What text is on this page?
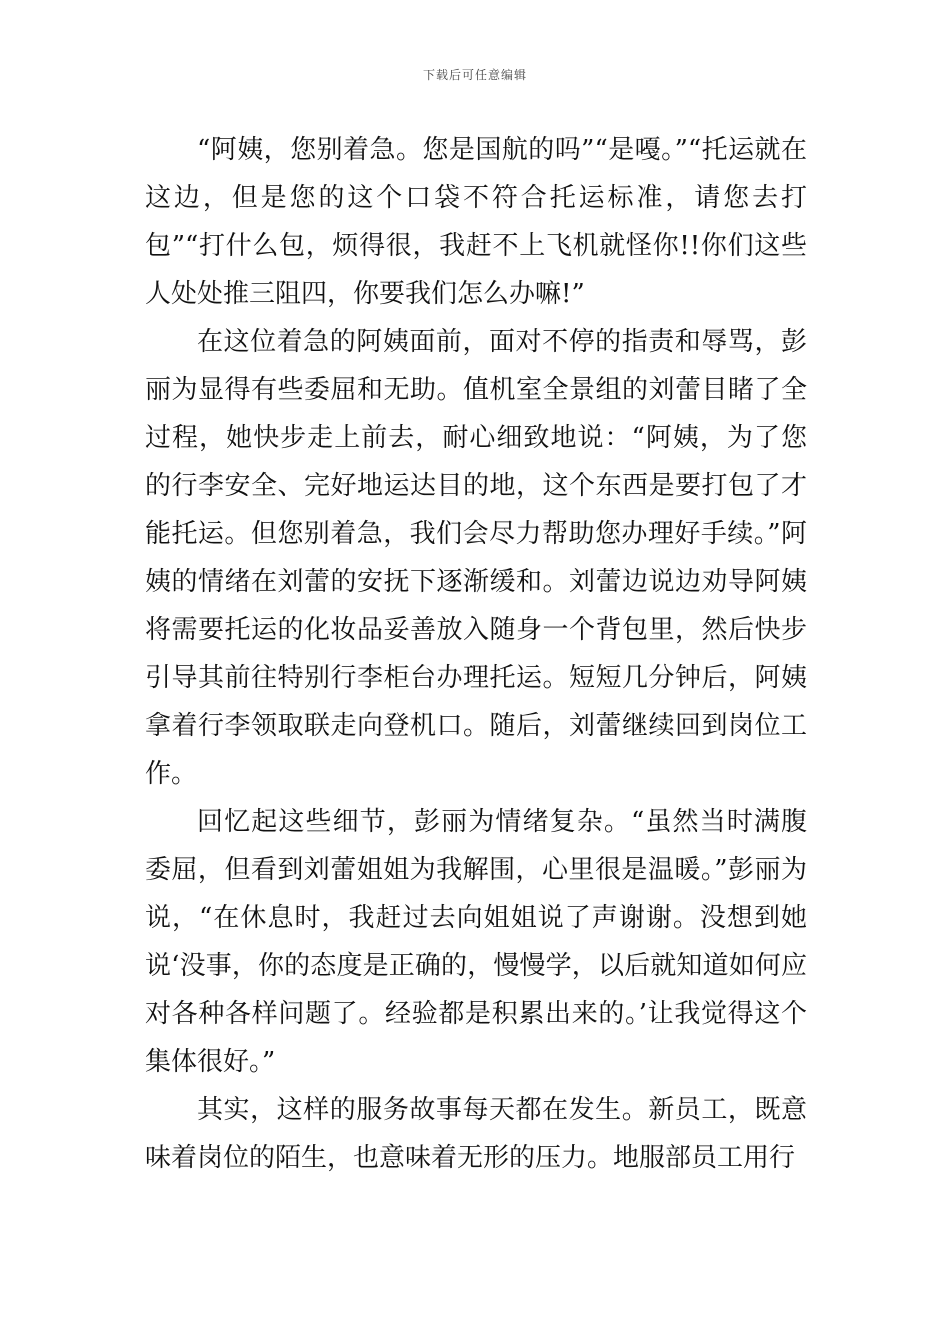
下载后可任意编辑

“阿姨，您别着急。您是国航的吗”“是嘠。”“托运就在这边，但是您的这个口袋不符合托运标准，请您去打包”“打什么包，烦得很，我赶不上飞机就怪你!!你们这些人处处推三阻四，你要我们怎么办嘛!”

在这位着急的阿姨面前，面对不停的指责和辱骂，彭丽为显得有些委屈和无助。值机室全景组的刘蕾目睹了全过程，她快步走上前去，耐心细致地说：“阿姨，为了您的行李安全、完好地运达目的地，这个东西是要打包了才能托运。但您别着急，我们会尽力帮助您办理好手续。”阿姨的情绪在刘蕾的安抚下逐渐缓和。刘蕾边说边劝导阿姨将需要托运的化妆品妥善放入随身一个背包里，然后快步引导其前往特别行李柜台办理托运。短短几分钟后，阿姨拿着行李领取联走向登机口。随后，刘蕾继续回到岗位工作。

回忆起这些细节，彭丽为情绪复杂。“虽然当时满腹委屈，但看到刘蕾姐姐为我解围，心里很是温暖。”彭丽为说，“在休息时，我赶过去向姐姐说了声谢谢。没想到她说‘没事，你的态度是正确的，慢慢学，以后就知道如何应对各种各样问题了。经验都是积累出来的。’让我觉得这个集体很好。”

其实，这样的服务故事每天都在发生。新员工，既意味着岗位的陌生，也意味着无形的压力。地服部员工用行
